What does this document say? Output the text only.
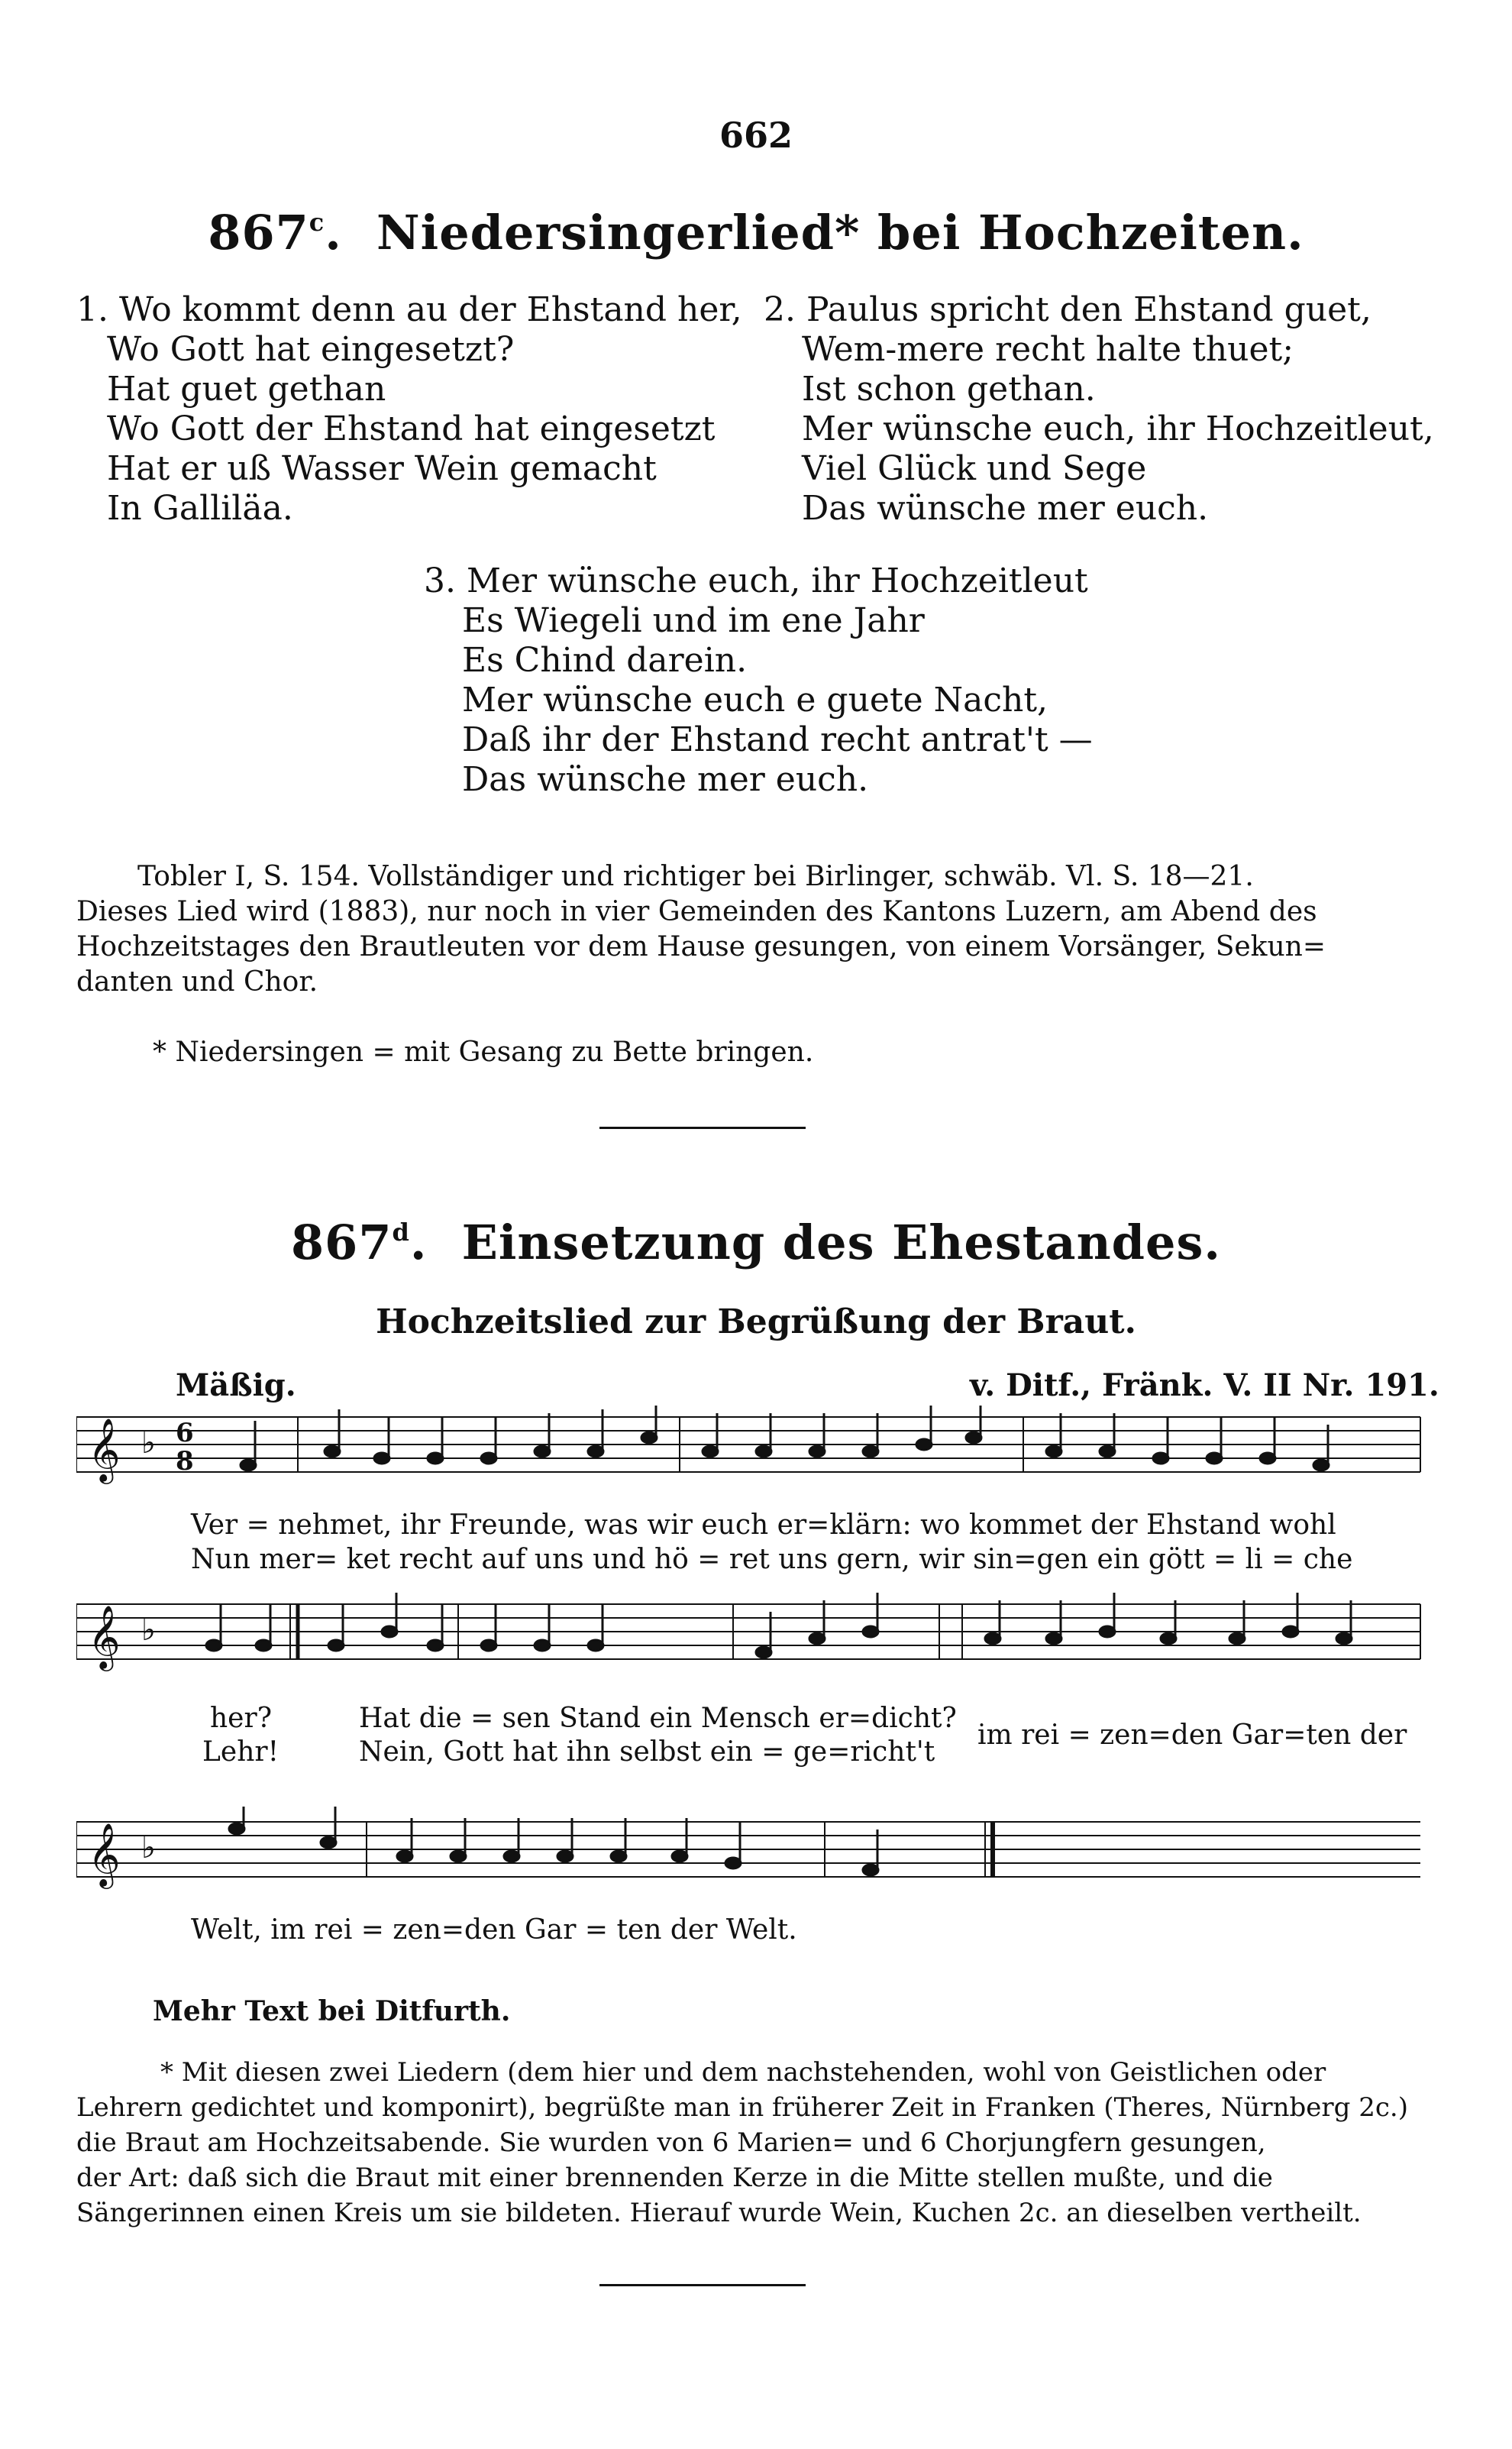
662
867$^c$.  Niedersingerlied* bei Hochzeiten.
1. Wo kommt denn au der Ehstand her,
Wo Gott hat eingesetzt?
Hat guet gethan
Wo Gott der Ehstand hat eingesetzt
Hat er uß Wasser Wein gemacht
In Galliläa.
2. Paulus spricht den Ehstand guet,
Wem-mere recht halte thuet;
Ist schon gethan.
Mer wünsche euch, ihr Hochzeitleut,
Viel Glück und Sege
Das wünsche mer euch.
3. Mer wünsche euch, ihr Hochzeitleut
Es Wiegeli und im ene Jahr
Es Chind darein.
Mer wünsche euch e guete Nacht,
Daß ihr der Ehstand recht antrat't —
Das wünsche mer euch.
Tobler I, S. 154. Vollständiger und richtiger bei Birlinger, schwäb. Vl. S. 18—21.
Dieses Lied wird (1883), nur noch in vier Gemeinden des Kantons Luzern, am Abend des
Hochzeitstages den Brautleuten vor dem Hause gesungen, von einem Vorsänger, Sekun=
danten und Chor.
* Niedersingen = mit Gesang zu Bette bringen.
867$^d$.  Einsetzung des Ehestandes.
Hochzeitslied zur Begrüßung der Braut.
Mäßig.	v. Ditf., Fränk. V. II Nr. 191.
𝄞 ♭ 6
8
Ver = nehmet, ihr Freunde, was wir euch er=klärn: wo kommet der Ehstand wohl
Nun mer= ket recht auf uns und hö = ret uns gern, wir sin=gen ein gött = li = che
𝄞 ♭
her?
Lehr!
Hat die = sen Stand ein Mensch er=dicht?
Nein, Gott hat ihn selbst ein = ge=richt't
im rei = zen=den Gar=ten der
𝄞 ♭
Welt, im rei = zen=den Gar = ten der Welt.
Mehr Text bei Ditfurth.
* Mit diesen zwei Liedern (dem hier und dem nachstehenden, wohl von Geistlichen oder
Lehrern gedichtet und komponirt), begrüßte man in früherer Zeit in Franken (Theres, Nürnberg 2c.)
die Braut am Hochzeitsabende. Sie wurden von 6 Marien= und 6 Chorjungfern gesungen,
der Art: daß sich die Braut mit einer brennenden Kerze in die Mitte stellen mußte, und die
Sängerinnen einen Kreis um sie bildeten. Hierauf wurde Wein, Kuchen 2c. an dieselben vertheilt.
